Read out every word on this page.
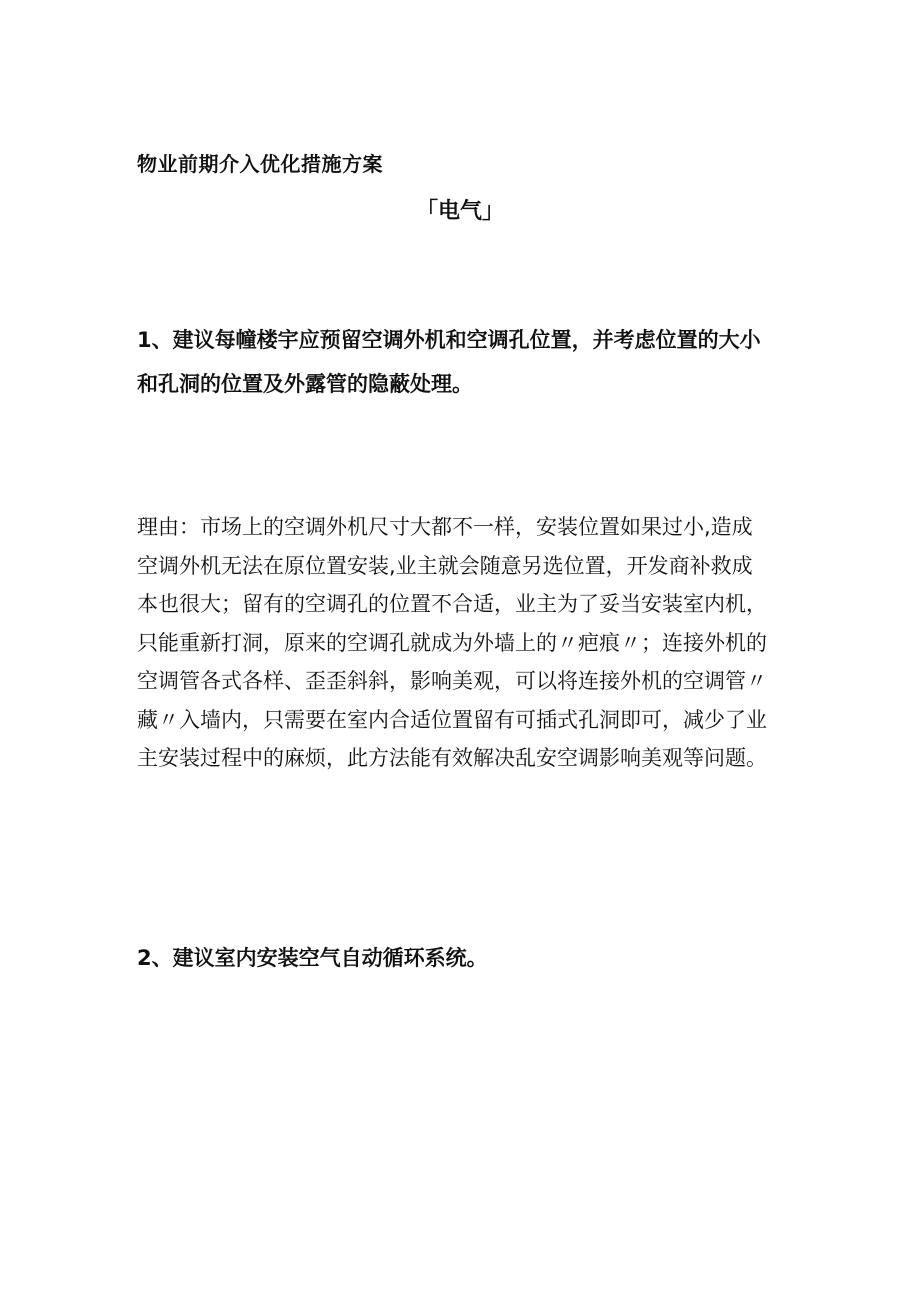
物业前期介入优化措施方案
「电气」
1、建议每幢楼宇应预留空调外机和空调孔位置，并考虑位置的大小
和孔洞的位置及外露管的隐蔽处理。
理由：市场上的空调外机尺寸大都不一样，安装位置如果过小,造成
空调外机无法在原位置安装,业主就会随意另选位置，开发商补救成
本也很大；留有的空调孔的位置不合适，业主为了妥当安装室内机，
只能重新打洞，原来的空调孔就成为外墙上的〃疤痕〃；连接外机的
空调管各式各样、歪歪斜斜，影响美观，可以将连接外机的空调管〃
藏〃入墙内，只需要在室内合适位置留有可插式孔洞即可，减少了业
主安装过程中的麻烦，此方法能有效解决乱安空调影响美观等问题。
2、建议室内安装空气自动循环系统。
